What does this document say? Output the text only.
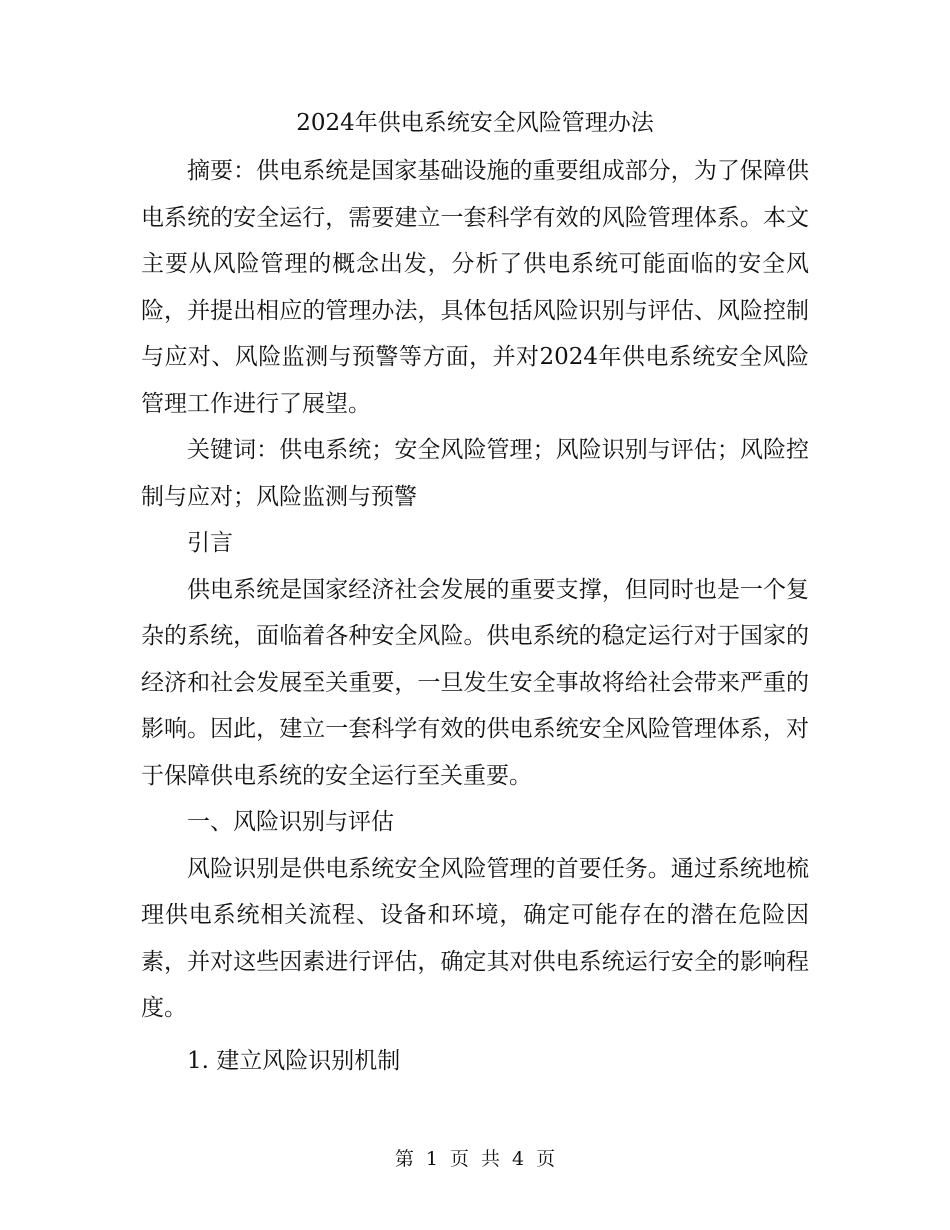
2024年供电系统安全风险管理办法

摘要：供电系统是国家基础设施的重要组成部分，为了保障供电系统的安全运行，需要建立一套科学有效的风险管理体系。本文主要从风险管理的概念出发，分析了供电系统可能面临的安全风险，并提出相应的管理办法，具体包括风险识别与评估、风险控制与应对、风险监测与预警等方面，并对2024年供电系统安全风险管理工作进行了展望。

关键词：供电系统；安全风险管理；风险识别与评估；风险控制与应对；风险监测与预警

引言

供电系统是国家经济社会发展的重要支撑，但同时也是一个复杂的系统，面临着各种安全风险。供电系统的稳定运行对于国家的经济和社会发展至关重要，一旦发生安全事故将给社会带来严重的影响。因此，建立一套科学有效的供电系统安全风险管理体系，对于保障供电系统的安全运行至关重要。

一、风险识别与评估

风险识别是供电系统安全风险管理的首要任务。通过系统地梳理供电系统相关流程、设备和环境，确定可能存在的潜在危险因素，并对这些因素进行评估，确定其对供电系统运行安全的影响程度。

1. 建立风险识别机制

第 1 页 共 4 页
